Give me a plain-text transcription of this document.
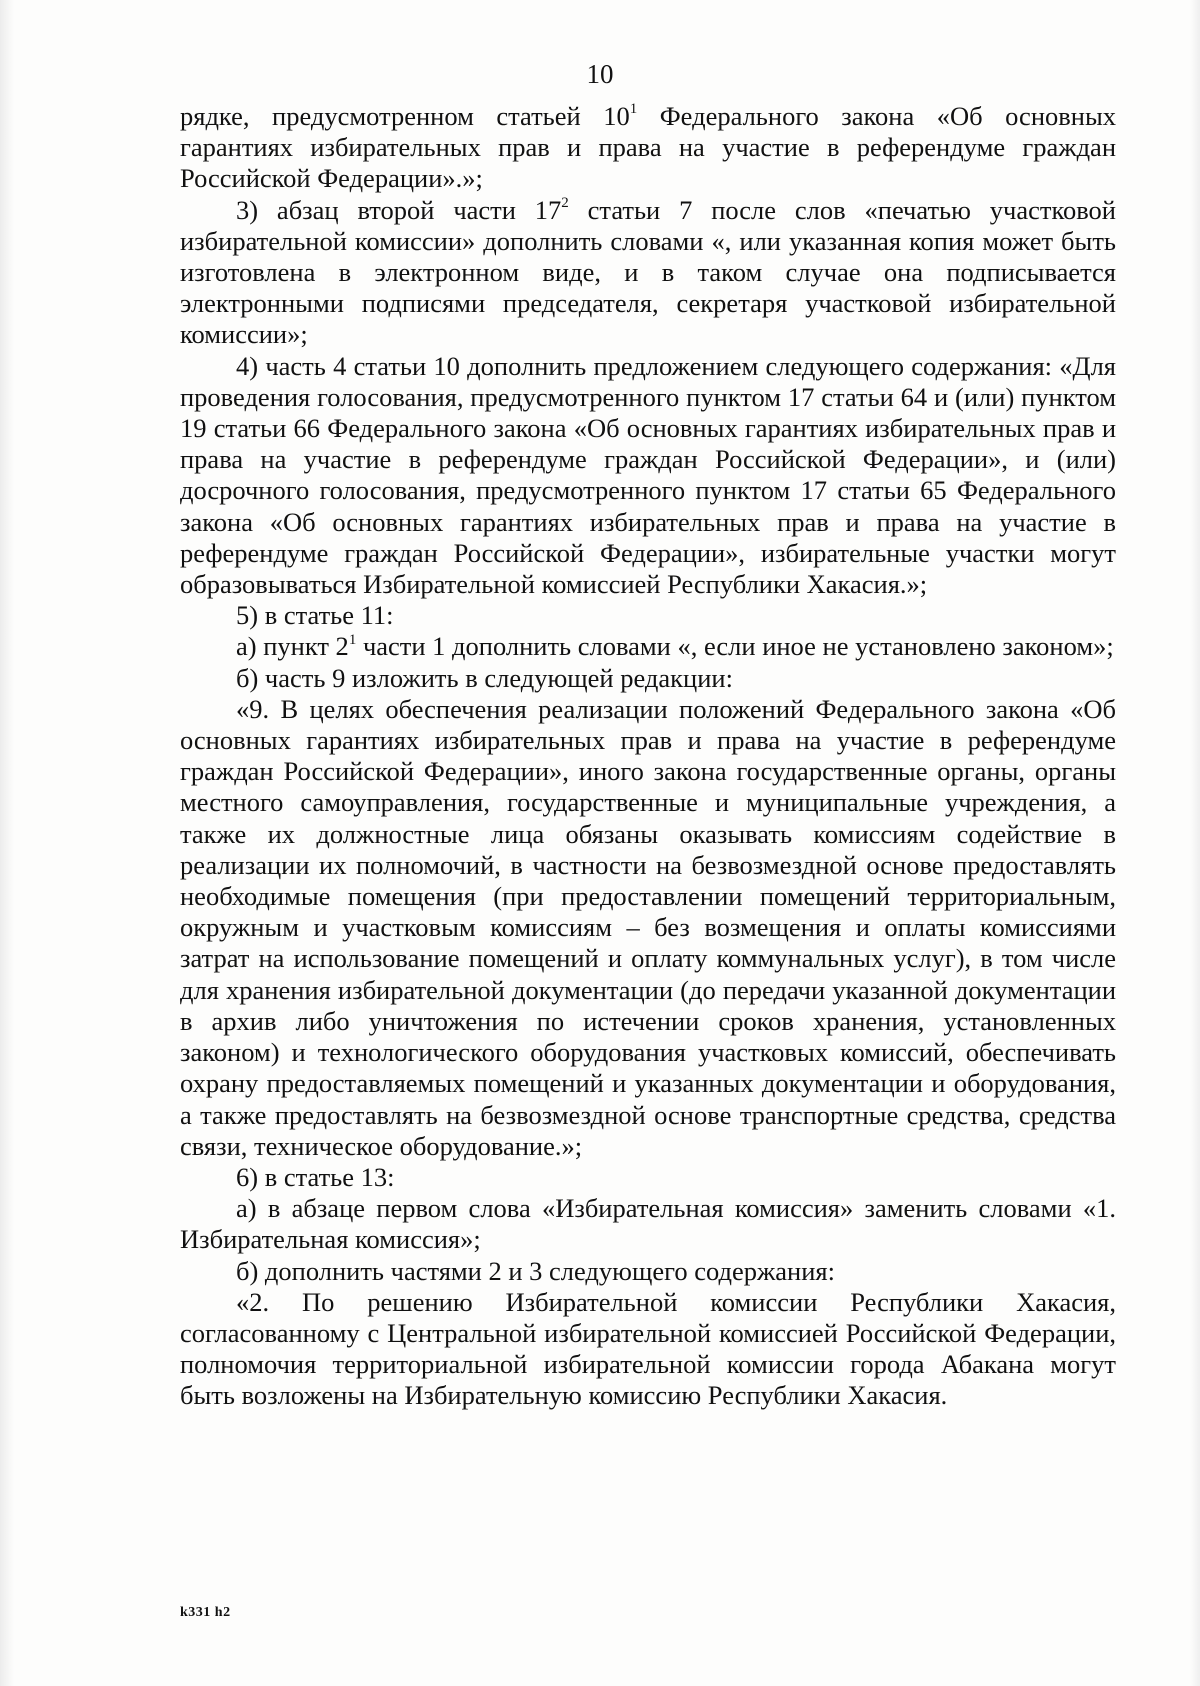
10

рядке, предусмотренном статьей $10^1$ Федерального закона «Об основных гарантиях избирательных прав и права на участие в референдуме граждан Российской Федерации».»;

3) абзац второй части $17^2$ статьи 7 после слов «печатью участковой избирательной комиссии» дополнить словами «, или указанная копия может быть изготовлена в электронном виде, и в таком случае она подписывается электронными подписями председателя, секретаря участковой избирательной комиссии»;

4) часть 4 статьи 10 дополнить предложением следующего содержания: «Для проведения голосования, предусмотренного пунктом 17 статьи 64 и (или) пунктом 19 статьи 66 Федерального закона «Об основных гарантиях избирательных прав и права на участие в референдуме граждан Российской Федерации», и (или) досрочного голосования, предусмотренного пунктом 17 статьи 65 Федерального закона «Об основных гарантиях избирательных прав и права на участие в референдуме граждан Российской Федерации», избирательные участки могут образовываться Избирательной комиссией Республики Хакасия.»;

5) в статье 11:

а) пункт $2^1$ части 1 дополнить словами «, если иное не установлено законом»;

б) часть 9 изложить в следующей редакции:

«9. В целях обеспечения реализации положений Федерального закона «Об основных гарантиях избирательных прав и права на участие в референдуме граждан Российской Федерации», иного закона государственные органы, органы местного самоуправления, государственные и муниципальные учреждения, а также их должностные лица обязаны оказывать комиссиям содействие в реализации их полномочий, в частности на безвозмездной основе предоставлять необходимые помещения (при предоставлении помещений территориальным, окружным и участковым комиссиям – без возмещения и оплаты комиссиями затрат на использование помещений и оплату коммунальных услуг), в том числе для хранения избирательной документации (до передачи указанной документации в архив либо уничтожения по истечении сроков хранения, установленных законом) и технологического оборудования участковых комиссий, обеспечивать охрану предоставляемых помещений и указанных документации и оборудования, а также предоставлять на безвозмездной основе транспортные средства, средства связи, техническое оборудование.»;

6) в статье 13:

а) в абзаце первом слова «Избирательная комиссия» заменить словами «1. Избирательная комиссия»;

б) дополнить частями 2 и 3 следующего содержания:

«2. По решению Избирательной комиссии Республики Хакасия, согласованному с Центральной избирательной комиссией Российской Федерации, полномочия территориальной избирательной комиссии города Абакана могут быть возложены на Избирательную комиссию Республики Хакасия.

k331 h2
